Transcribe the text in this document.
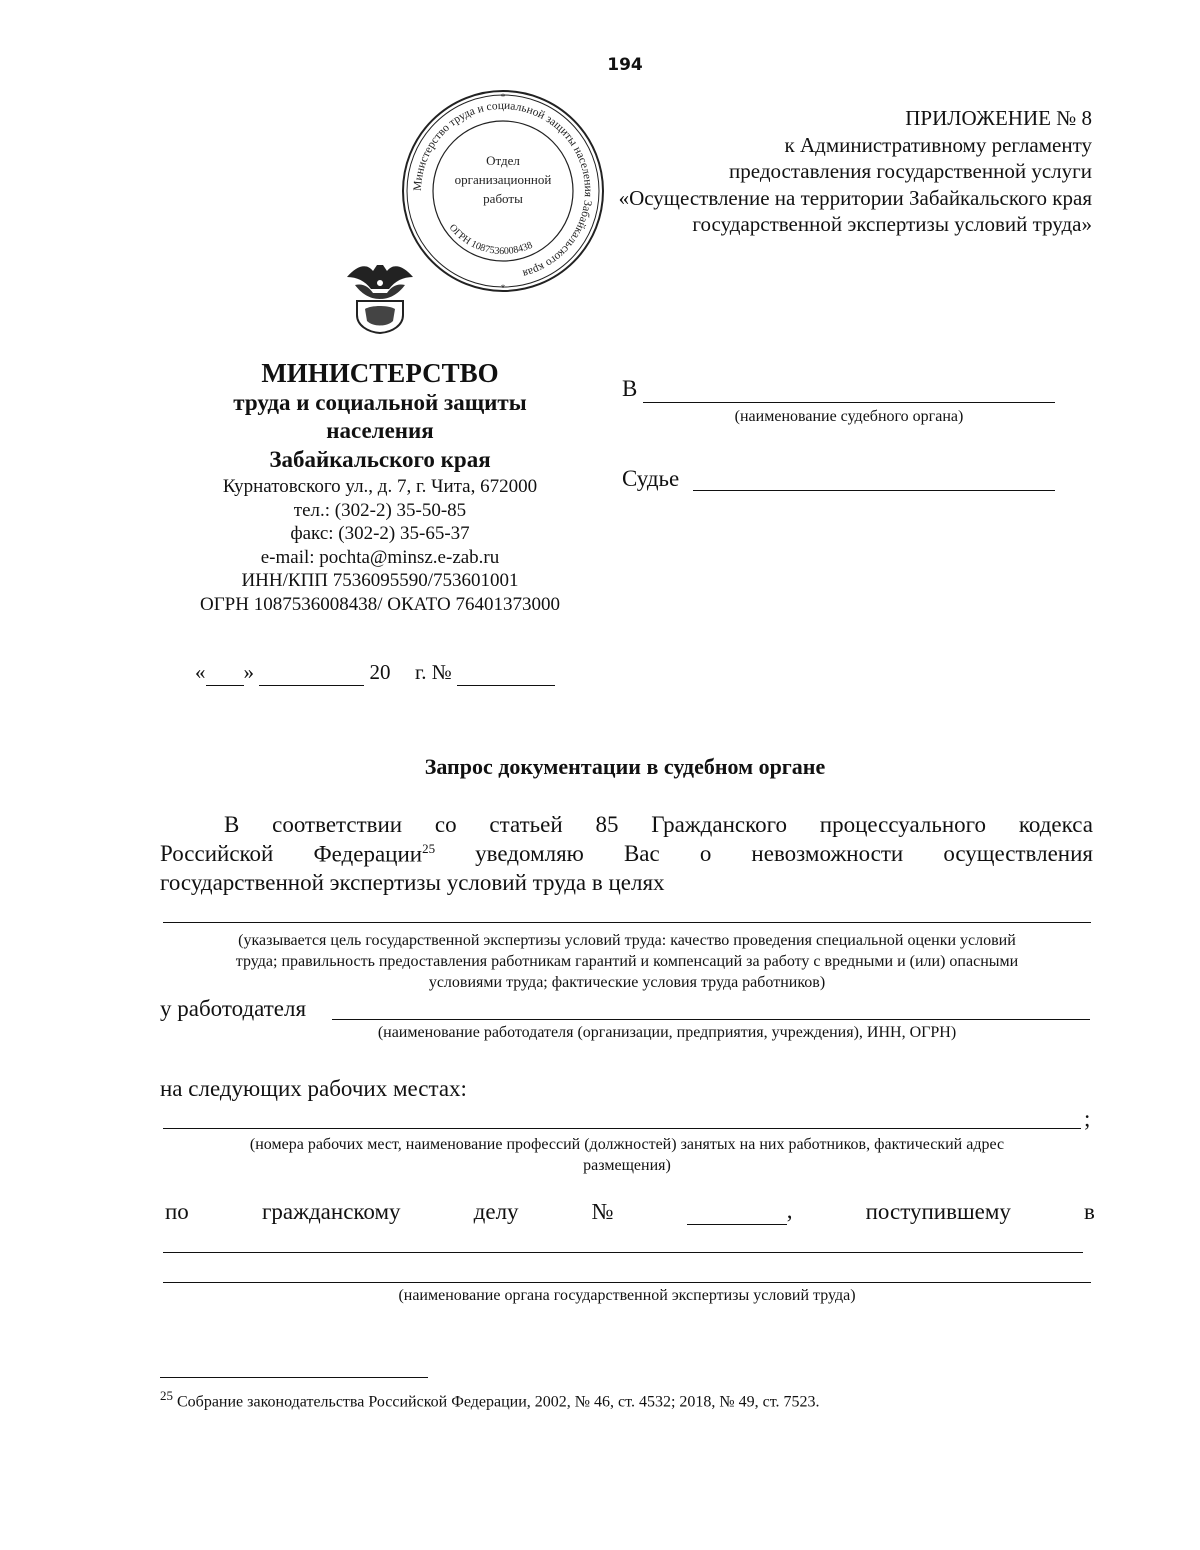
194
ПРИЛОЖЕНИЕ № 8
к Административному регламенту
предоставления государственной услуги
«Осуществление на территории Забайкальского края
государственной экспертизы условий труда»
Министерство труда и социальной защиты населения Забайкальского края
ОГРН 1087536008438
Отдел
организационной
работы
*
*
МИНИСТЕРСТВО
труда и социальной защиты
населения
Забайкальского края
Курнатовского ул., д. 7, г. Чита, 672000
тел.: (302-2) 35-50-85
факс: (302-2) 35-65-37
e-mail: pochta@minsz.e-zab.ru
ИНН/КПП 7536095590/753601001
ОГРН 1087536008438/ ОКАТО 76401373000
В
(наименование судебного органа)
Судье
« »	20 г. №
Запрос документации в судебном органе
В соответствии со статьей 85 Гражданского процессуального кодекса
Российской Федерации$^{25}$ уведомляю Вас о невозможности осуществления
государственной экспертизы условий труда в целях
(указывается цель государственной экспертизы условий труда: качество проведения специальной оценки условий
труда; правильность предоставления работникам гарантий и компенсаций за работу с вредными и (или) опасными
условиями труда; фактические условия труда работников)
у работодателя
(наименование работодателя (организации, предприятия, учреждения), ИНН, ОГРН)
на следующих рабочих местах:
;
(номера рабочих мест, наименование профессий (должностей) занятых на них работников, фактический адрес
размещения)
по	гражданскому	делу	№	,	поступившему	в
(наименование органа государственной экспертизы условий труда)
$^{25}$ Собрание законодательства Российской Федерации, 2002, № 46, ст. 4532; 2018, № 49, ст. 7523.
